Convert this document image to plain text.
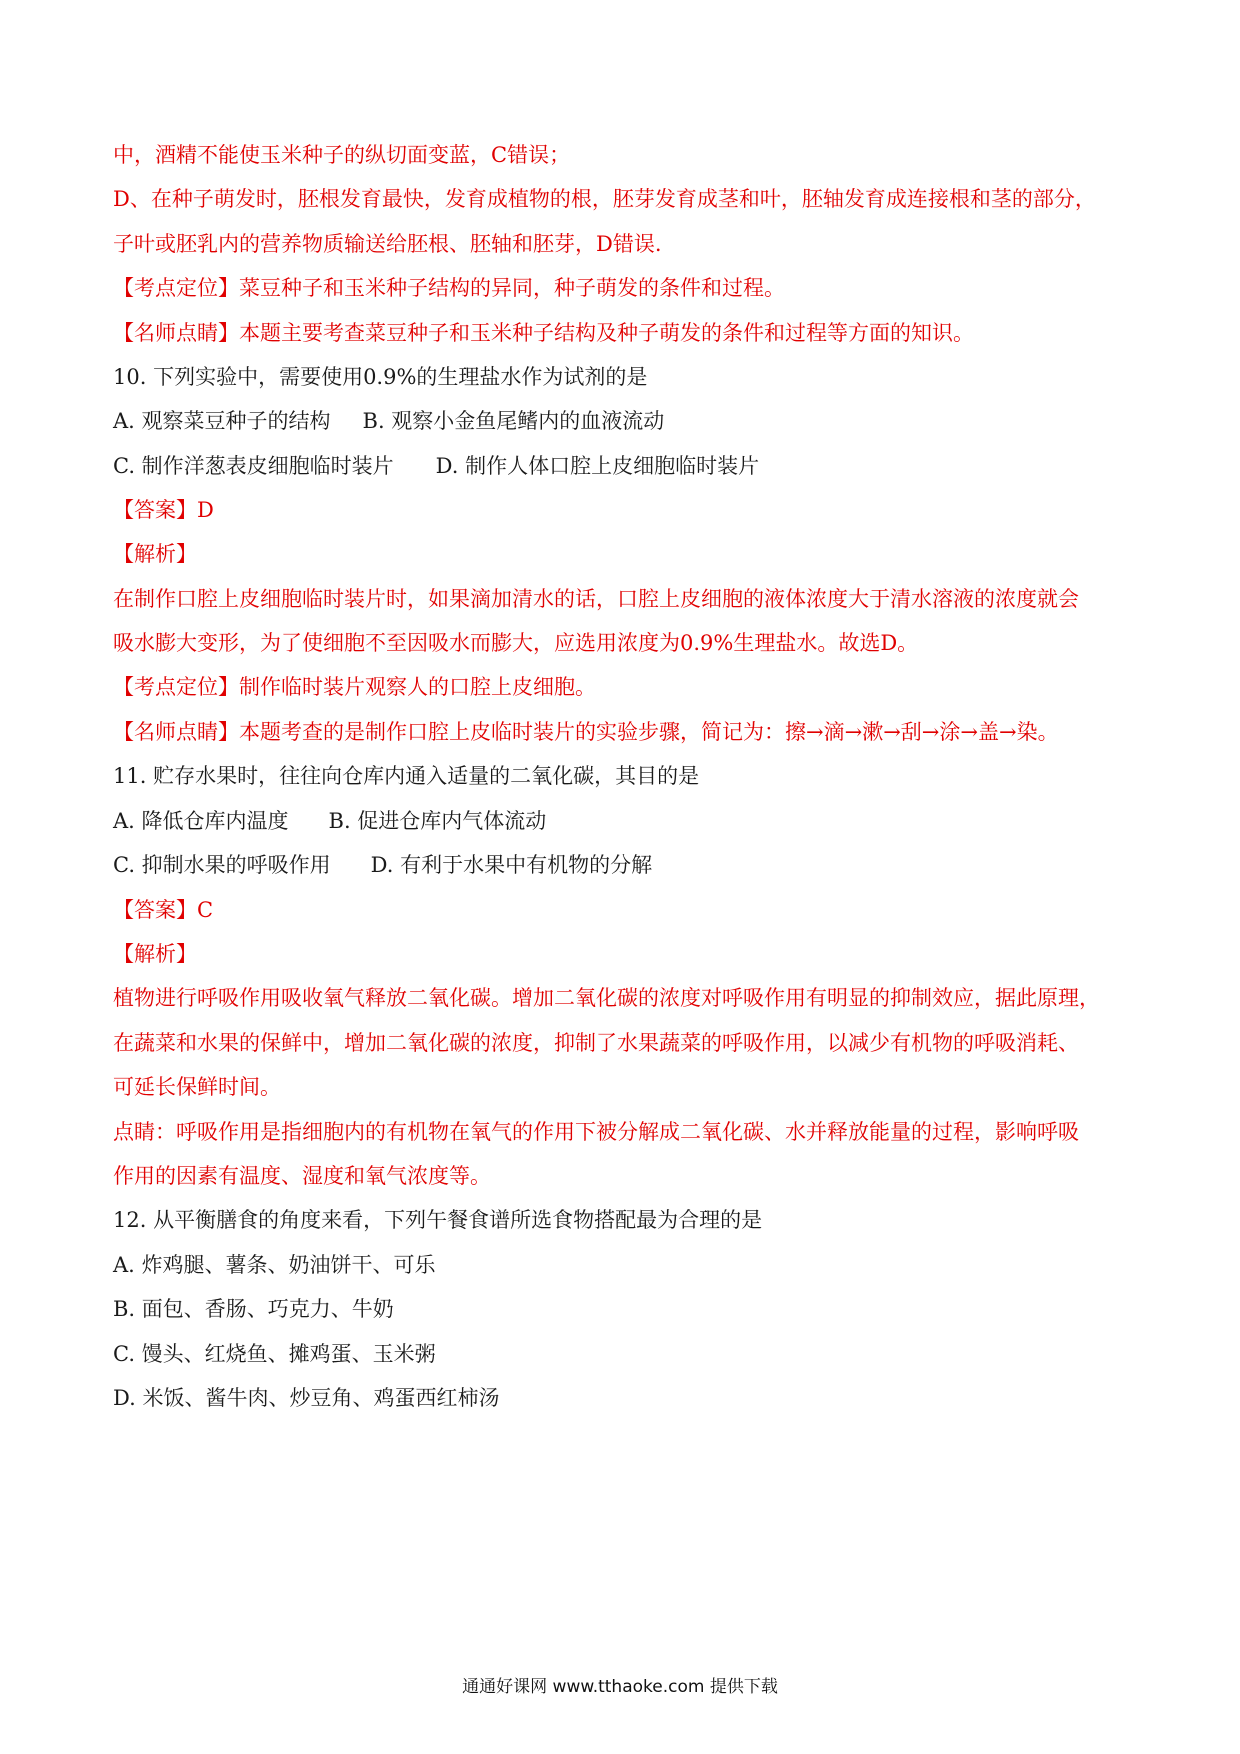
中，酒精不能使玉米种子的纵切面变蓝，C错误；
D、在种子萌发时，胚根发育最快，发育成植物的根，胚芽发育成茎和叶，胚轴发育成连接根和茎的部分，
子叶或胚乳内的营养物质输送给胚根、胚轴和胚芽，D错误.
【考点定位】菜豆种子和玉米种子结构的异同，种子萌发的条件和过程。
【名师点睛】本题主要考查菜豆种子和玉米种子结构及种子萌发的条件和过程等方面的知识。
10. 下列实验中，需要使用0.9%的生理盐水作为试剂的是
A. 观察菜豆种子的结构 B. 观察小金鱼尾鳍内的血液流动
C. 制作洋葱表皮细胞临时装片 D. 制作人体口腔上皮细胞临时装片
【答案】D
【解析】
在制作口腔上皮细胞临时装片时，如果滴加清水的话，口腔上皮细胞的液体浓度大于清水溶液的浓度就会
吸水膨大变形，为了使细胞不至因吸水而膨大，应选用浓度为0.9%生理盐水。故选D。
【考点定位】制作临时装片观察人的口腔上皮细胞。
【名师点睛】本题考查的是制作口腔上皮临时装片的实验步骤，简记为：擦→滴→漱→刮→涂→盖→染。
11. 贮存水果时，往往向仓库内通入适量的二氧化碳，其目的是
A. 降低仓库内温度 B. 促进仓库内气体流动
C. 抑制水果的呼吸作用 D. 有利于水果中有机物的分解
【答案】C
【解析】
植物进行呼吸作用吸收氧气释放二氧化碳。增加二氧化碳的浓度对呼吸作用有明显的抑制效应，据此原理，
在蔬菜和水果的保鲜中，增加二氧化碳的浓度，抑制了水果蔬菜的呼吸作用，以减少有机物的呼吸消耗、
可延长保鲜时间。
点睛：呼吸作用是指细胞内的有机物在氧气的作用下被分解成二氧化碳、水并释放能量的过程，影响呼吸
作用的因素有温度、湿度和氧气浓度等。
12. 从平衡膳食的角度来看，下列午餐食谱所选食物搭配最为合理的是
A. 炸鸡腿、薯条、奶油饼干、可乐
B. 面包、香肠、巧克力、牛奶
C. 馒头、红烧鱼、摊鸡蛋、玉米粥
D. 米饭、酱牛肉、炒豆角、鸡蛋西红柿汤
通通好课网 www.tthaoke.com 提供下载
